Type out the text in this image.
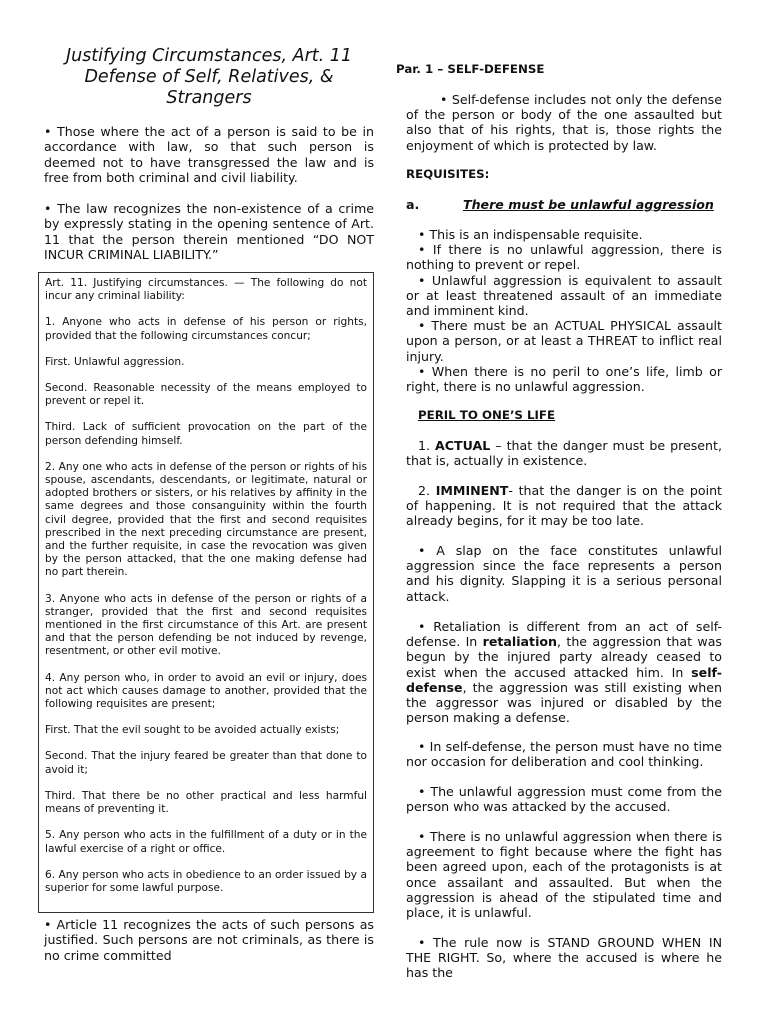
Justifying Circumstances, Art. 11 Defense of Self, Relatives, & Strangers

• Those where the act of a person is said to be in accordance with law, so that such person is deemed not to have transgressed the law and is free from both criminal and civil liability.

• The law recognizes the non-existence of a crime by expressly stating in the opening sentence of Art. 11 that the person therein mentioned “DO NOT INCUR CRIMINAL LIABILITY.”

Art. 11. Justifying circumstances. — The following do not incur any criminal liability:

1. Anyone who acts in defense of his person or rights, provided that the following circumstances concur;

First. Unlawful aggression.

Second. Reasonable necessity of the means employed to prevent or repel it.

Third. Lack of sufficient provocation on the part of the person defending himself.

2. Any one who acts in defense of the person or rights of his spouse, ascendants, descendants, or legitimate, natural or adopted brothers or sisters, or his relatives by affinity in the same degrees and those consanguinity within the fourth civil degree, provided that the first and second requisites prescribed in the next preceding circumstance are present, and the further requisite, in case the revocation was given by the person attacked, that the one making defense had no part therein.

3. Anyone who acts in defense of the person or rights of a stranger, provided that the first and second requisites mentioned in the first circumstance of this Art. are present and that the person defending be not induced by revenge, resentment, or other evil motive.

4. Any person who, in order to avoid an evil or injury, does not act which causes damage to another, provided that the following requisites are present;

First. That the evil sought to be avoided actually exists;

Second. That the injury feared be greater than that done to avoid it;

Third. That there be no other practical and less harmful means of preventing it.

5. Any person who acts in the fulfillment of a duty or in the lawful exercise of a right or office.

6. Any person who acts in obedience to an order issued by a superior for some lawful purpose.

• Article 11 recognizes the acts of such persons as justified. Such persons are not criminals, as there is no crime committed

Par. 1 – SELF-DEFENSE

• Self-defense includes not only the defense of the person or body of the one assaulted but also that of his rights, that is, those rights the enjoyment of which is protected by law.

REQUISITES:
a.	There must be unlawful aggression

• This is an indispensable requisite.

• If there is no unlawful aggression, there is nothing to prevent or repel.

• Unlawful aggression is equivalent to assault or at least threatened assault of an immediate and imminent kind.

• There must be an ACTUAL PHYSICAL assault upon a person, or at least a THREAT to inflict real injury.

• When there is no peril to one’s life, limb or right, there is no unlawful aggression.

PERIL TO ONE’S LIFE

1. ACTUAL – that the danger must be present, that is, actually in existence.

2. IMMINENT- that the danger is on the point of happening. It is not required that the attack already begins, for it may be too late.

• A slap on the face constitutes unlawful aggression since the face represents a person and his dignity. Slapping it is a serious personal attack.

• Retaliation is different from an act of self-defense. In retaliation, the aggression that was begun by the injured party already ceased to exist when the accused attacked him. In self-defense, the aggression was still existing when the aggressor was injured or disabled by the person making a defense.

• In self-defense, the person must have no time nor occasion for deliberation and cool thinking.

• The unlawful aggression must come from the person who was attacked by the accused.

• There is no unlawful aggression when there is agreement to fight because where the fight has been agreed upon, each of the protagonists is at once assailant and assaulted. But when the aggression is ahead of the stipulated time and place, it is unlawful.

• The rule now is STAND GROUND WHEN IN THE RIGHT. So, where the accused is where he has the
